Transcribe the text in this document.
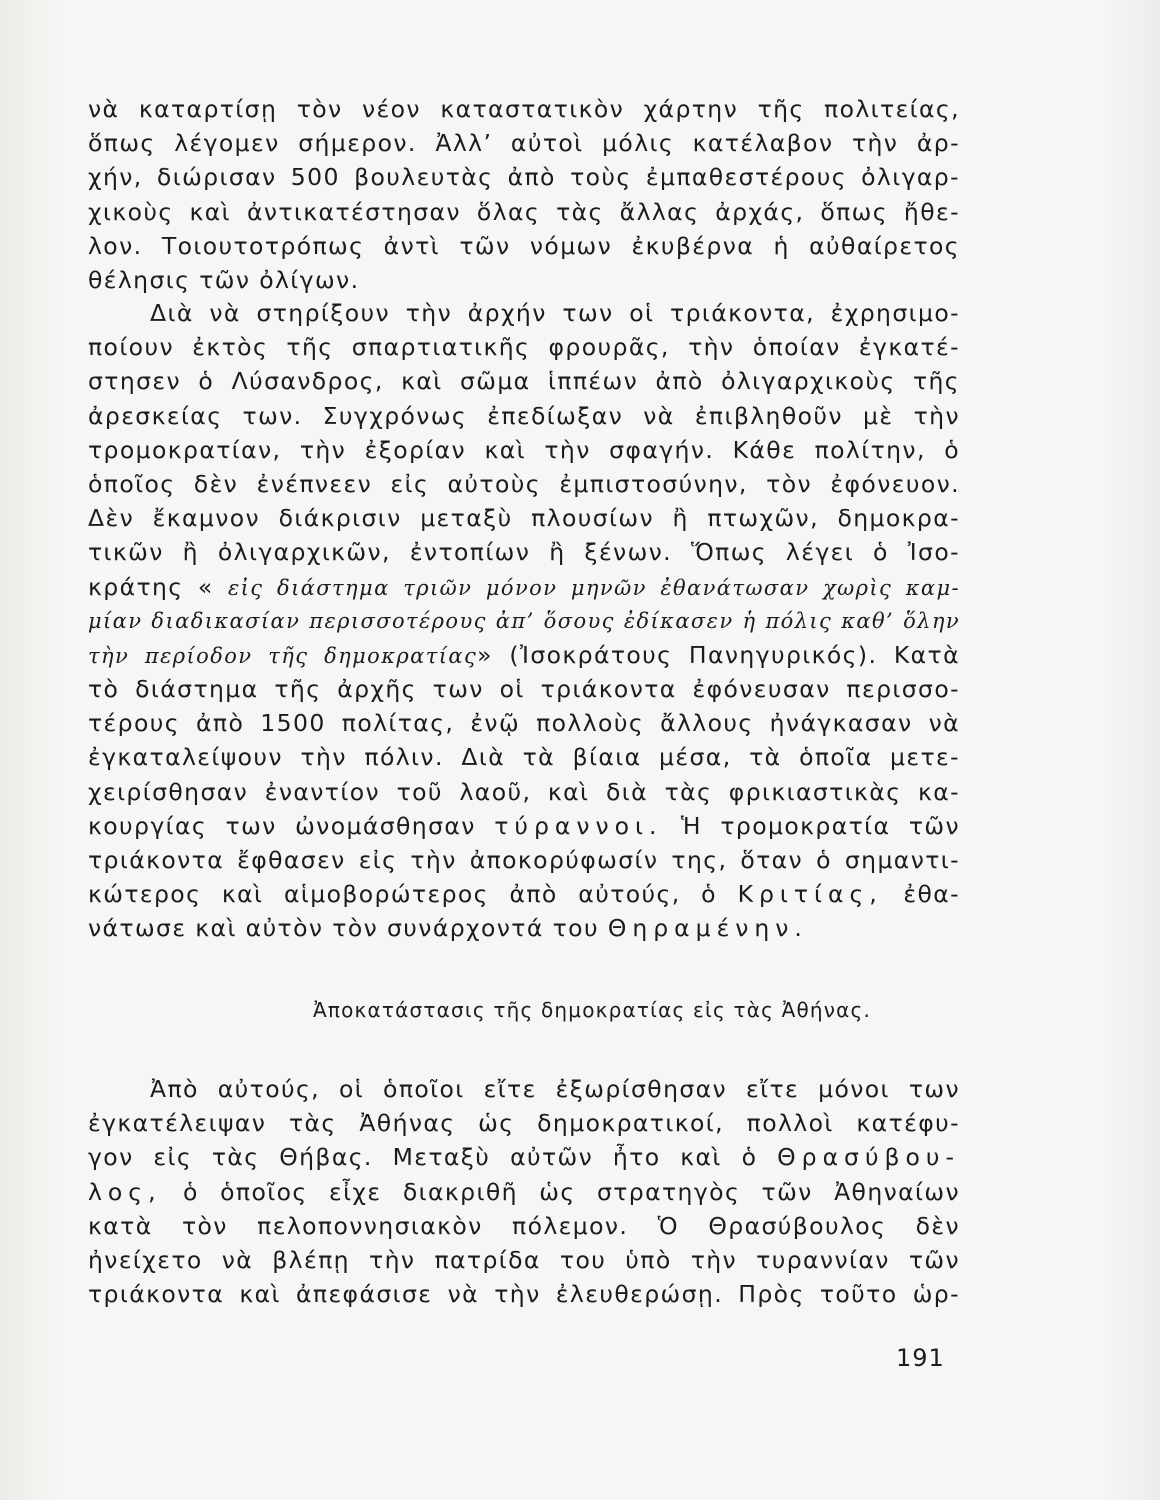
νὰ καταρτίσῃ τὸν νέον καταστατικὸν χάρτην τῆς πολιτείας,
ὅπως λέγομεν σήμερον. Ἀλλ’ αὐτοὶ μόλις κατέλαβον τὴν ἀρ-
χήν, διώρισαν 500 βουλευτὰς ἀπὸ τοὺς ἐμπαθεστέρους ὀλιγαρ-
χικοὺς καὶ ἀντικατέστησαν ὅλας τὰς ἄλλας ἀρχάς, ὅπως ἤθε-
λον. Τοιουτοτρόπως ἀντὶ τῶν νόμων ἐκυβέρνα ἡ αὐθαίρετος
θέλησις τῶν ὀλίγων.
Διὰ νὰ στηρίξουν τὴν ἀρχήν των οἱ τριάκοντα, ἐχρησιμο-
ποίουν ἐκτὸς τῆς σπαρτιατικῆς φρουρᾶς, τὴν ὁποίαν ἐγκατέ-
στησεν ὁ Λύσανδρος, καὶ σῶμα ἱππέων ἀπὸ ὀλιγαρχικοὺς τῆς
ἀρεσκείας των. Συγχρόνως ἐπεδίωξαν νὰ ἐπιβληθοῦν μὲ τὴν
τρομοκρατίαν, τὴν ἐξορίαν καὶ τὴν σφαγήν. Κάθε πολίτην, ὁ
ὁποῖος δὲν ἐνέπνεεν εἰς αὐτοὺς ἐμπιστοσύνην, τὸν ἐφόνευον.
Δὲν ἔκαμνον διάκρισιν μεταξὺ πλουσίων ἢ πτωχῶν, δημοκρα-
τικῶν ἢ ὀλιγαρχικῶν, ἐντοπίων ἢ ξένων. Ὅπως λέγει ὁ Ἰσο-
κράτης « εἰς διάστημα τριῶν μόνον μηνῶν ἐθανάτωσαν χωρὶς καμ-
μίαν διαδικασίαν περισσοτέρους ἀπ’ ὅσους ἐδίκασεν ἡ πόλις καθ’ ὅλην
τὴν περίοδον τῆς δημοκρατίας» (Ἰσοκράτους Πανηγυρικός). Κατὰ
τὸ διάστημα τῆς ἀρχῆς των οἱ τριάκοντα ἐφόνευσαν περισσο-
τέρους ἀπὸ 1500 πολίτας, ἐνῷ πολλοὺς ἄλλους ἠνάγκασαν νὰ
ἐγκαταλείψουν τὴν πόλιν. Διὰ τὰ βίαια μέσα, τὰ ὁποῖα μετε-
χειρίσθησαν ἐναντίον τοῦ λαοῦ, καὶ διὰ τὰς φρικιαστικὰς κα-
κουργίας των ὠνομάσθησαν τύραννοι. Ἡ τρομοκρατία τῶν
τριάκοντα ἔφθασεν εἰς τὴν ἀποκορύφωσίν της, ὅταν ὁ σημαντι-
κώτερος καὶ αἱμοβορώτερος ἀπὸ αὐτούς, ὁ Κριτίας, ἐθα-
νάτωσε καὶ αὐτὸν τὸν συνάρχοντά του Θηραμένην.
Ἀποκατάστασις τῆς δημοκρατίας εἰς τὰς Ἀθήνας.
Ἀπὸ αὐτούς, οἱ ὁποῖοι εἴτε ἐξωρίσθησαν εἴτε μόνοι των
ἐγκατέλειψαν τὰς Ἀθήνας ὡς δημοκρατικοί, πολλοὶ κατέφυ-
γον εἰς τὰς Θήβας. Μεταξὺ αὐτῶν ἦτο καὶ ὁ Θρασύβου-
λος, ὁ ὁποῖος εἶχε διακριθῆ ὡς στρατηγὸς τῶν Ἀθηναίων
κατὰ τὸν πελοποννησιακὸν πόλεμον. Ὁ Θρασύβουλος δὲν
ἠνείχετο νὰ βλέπῃ τὴν πατρίδα του ὑπὸ τὴν τυραννίαν τῶν
τριάκοντα καὶ ἀπεφάσισε νὰ τὴν ἐλευθερώσῃ. Πρὸς τοῦτο ὡρ-
191
